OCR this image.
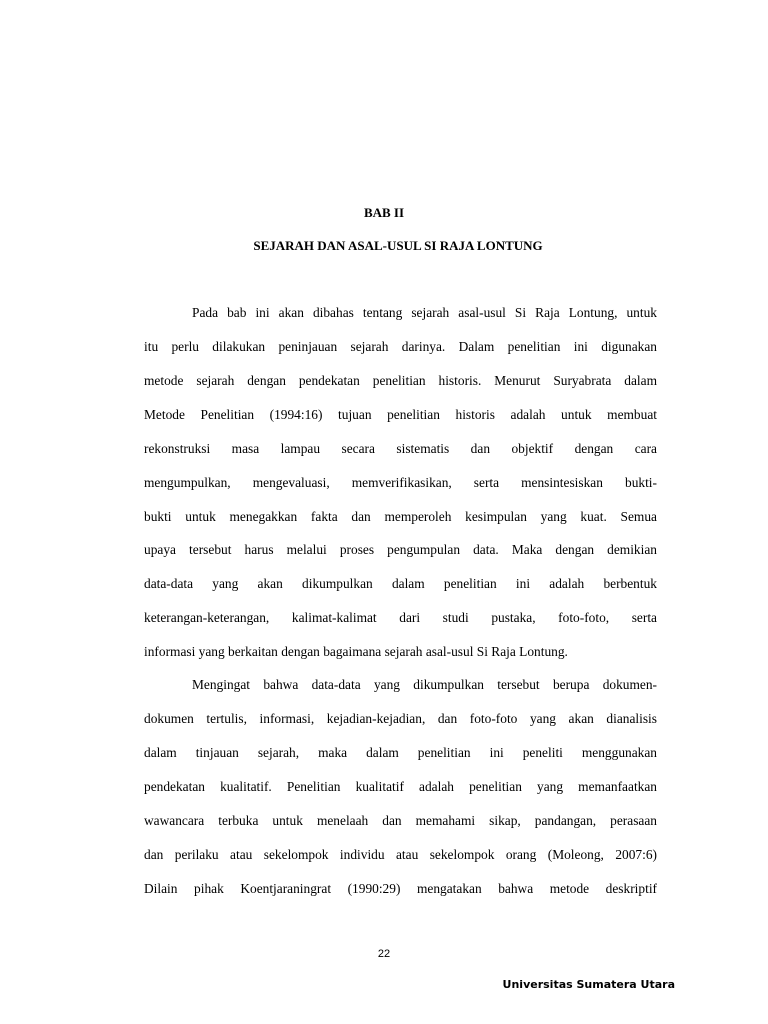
BAB II
SEJARAH DAN ASAL-USUL SI RAJA LONTUNG
Pada bab ini akan dibahas tentang sejarah asal-usul Si Raja Lontung, untuk
itu perlu dilakukan peninjauan sejarah darinya. Dalam penelitian ini digunakan
metode sejarah dengan pendekatan penelitian historis. Menurut Suryabrata dalam
Metode Penelitian (1994:16) tujuan penelitian historis adalah untuk membuat
rekonstruksi masa lampau secara sistematis dan objektif dengan cara
mengumpulkan, mengevaluasi, memverifikasikan, serta mensintesiskan bukti-
bukti untuk menegakkan fakta dan memperoleh kesimpulan yang kuat. Semua
upaya tersebut harus melalui proses pengumpulan data. Maka dengan demikian
data-data yang akan dikumpulkan dalam penelitian ini adalah berbentuk
keterangan-keterangan, kalimat-kalimat dari studi pustaka, foto-foto, serta
informasi yang berkaitan dengan bagaimana sejarah asal-usul Si Raja Lontung.
Mengingat bahwa data-data yang dikumpulkan tersebut berupa dokumen-
dokumen tertulis, informasi, kejadian-kejadian, dan foto-foto yang akan dianalisis
dalam tinjauan sejarah, maka dalam penelitian ini peneliti menggunakan
pendekatan kualitatif. Penelitian kualitatif adalah penelitian yang memanfaatkan
wawancara terbuka untuk menelaah dan memahami sikap, pandangan, perasaan
dan perilaku atau sekelompok individu atau sekelompok orang (Moleong, 2007:6)
Dilain pihak Koentjaraningrat (1990:29) mengatakan bahwa metode deskriptif
22
Universitas Sumatera Utara
